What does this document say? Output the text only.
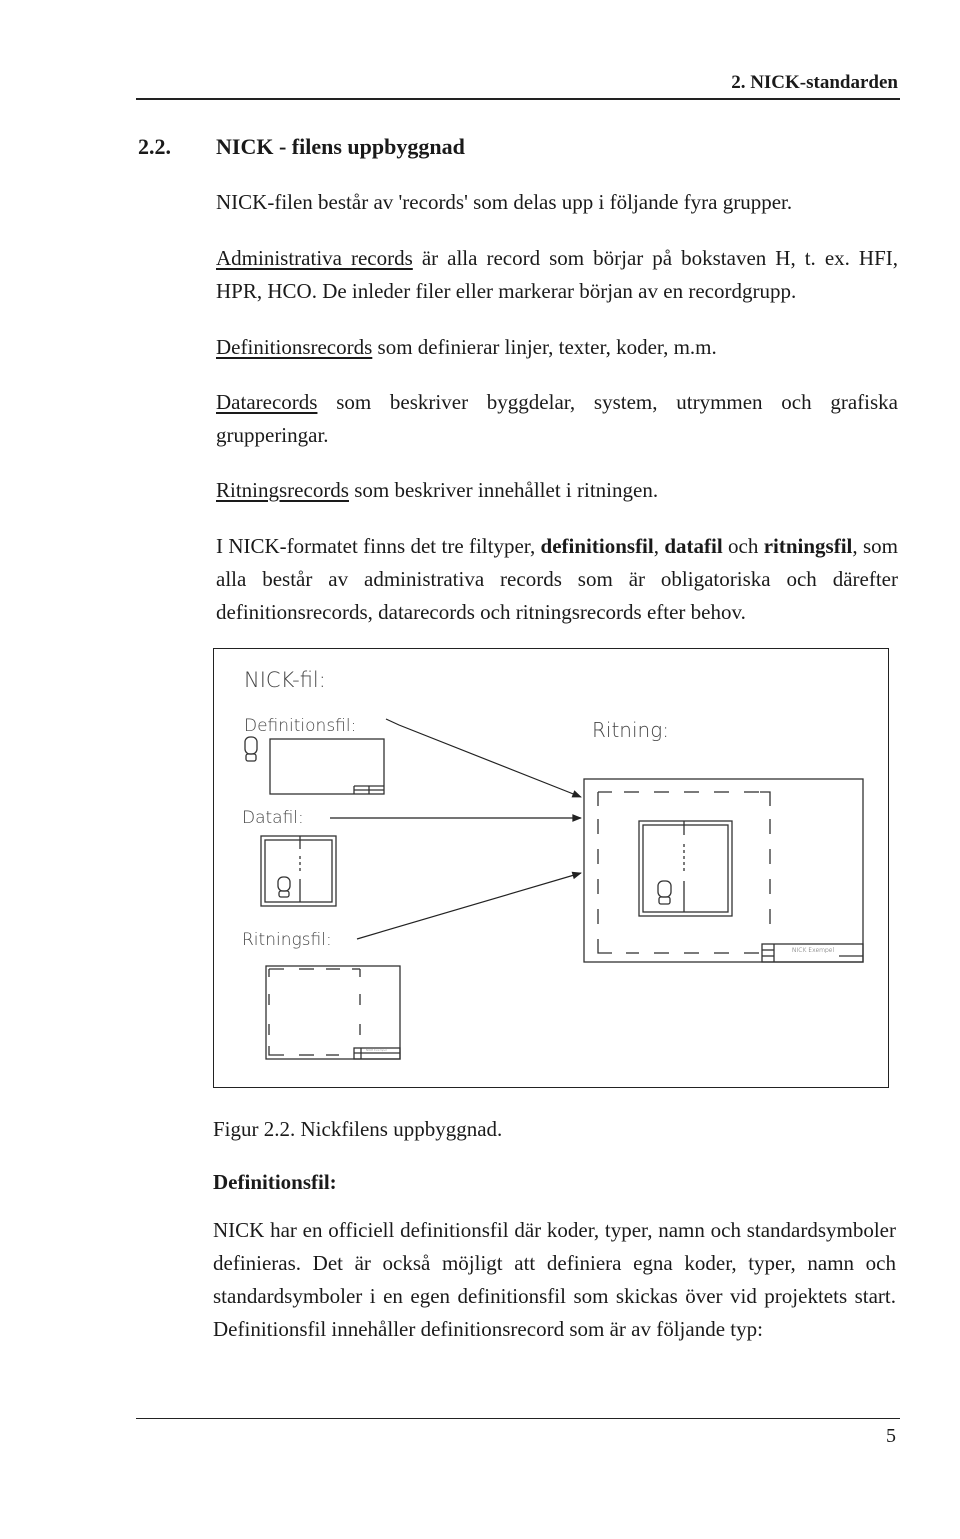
2. NICK-standarden
2.2. NICK - filens uppbyggnad
NICK-filen består av 'records' som delas upp i följande fyra grupper.
Administrativa records är alla record som börjar på bokstaven H, t. ex. HFI, HPR, HCO. De inleder filer eller markerar början av en recordgrupp.
Definitionsrecords som definierar linjer, texter, koder, m.m.
Datarecords som beskriver byggdelar, system, utrymmen och grafiska grupperingar.
Ritningsrecords som beskriver innehållet i ritningen.
I NICK-formatet finns det tre filtyper, definitionsfil, datafil och ritningsfil, som alla består av administrativa records som är obligatoriska och därefter definitionsrecords, datarecords och ritningsrecords efter behov.
NICK-fil:
Definitionsfil:	Ritning:
Datafil:
Ritningsfil:
NICK Exempel
NICK Exempel
Figur 2.2. Nickfilens uppbyggnad.
Definitionsfil:
NICK har en officiell definitionsfil där koder, typer, namn och standardsymboler definieras. Det är också möjligt att definiera egna koder, typer, namn och standardsymboler i en egen definitionsfil som skickas över vid projektets start. Definitionsfil innehåller definitionsrecord som är av följande typ:
5
